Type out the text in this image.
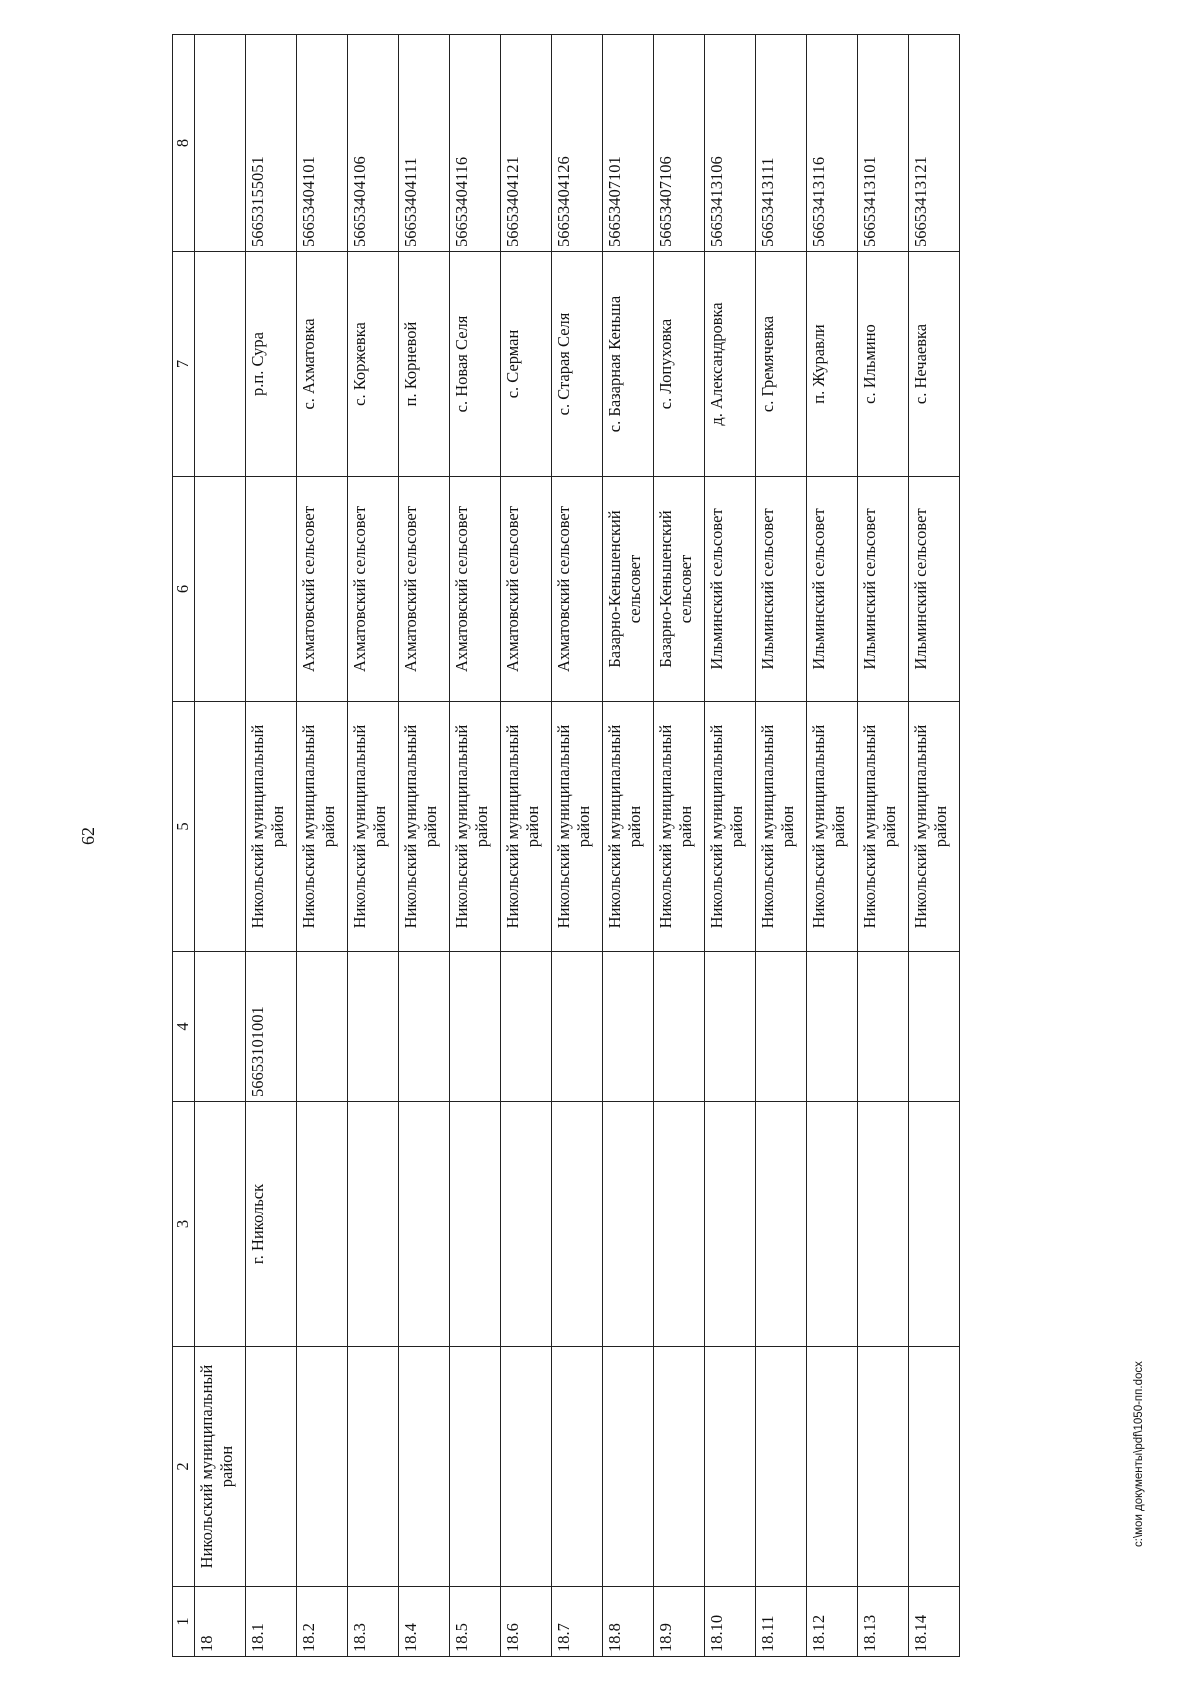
62
1	2	3	4	5	6	7	8
18	Никольский муниципальный район						
18.1		г. Никольск	56653101001	Никольский муниципальный район		р.п. Сура	56653155051
18.2				Никольский муниципальный район	Ахматовский сельсовет	с. Ахматовка	56653404101
18.3				Никольский муниципальный район	Ахматовский сельсовет	с. Коржевка	56653404106
18.4				Никольский муниципальный район	Ахматовский сельсовет	п. Корневой	56653404111
18.5				Никольский муниципальный район	Ахматовский сельсовет	с. Новая Селя	56653404116
18.6				Никольский муниципальный район	Ахматовский сельсовет	с. Серман	56653404121
18.7				Никольский муниципальный район	Ахматовский сельсовет	с. Старая Селя	56653404126
18.8				Никольский муниципальный район	Базарно-Кеньшенский сельсовет	с. Базарная Кеньша	56653407101
18.9				Никольский муниципальный район	Базарно-Кеньшенский сельсовет	с. Лопуховка	56653407106
18.10				Никольский муниципальный район	Ильминский сельсовет	д. Александровка	56653413106
18.11				Никольский муниципальный район	Ильминский сельсовет	с. Гремячевка	56653413111
18.12				Никольский муниципальный район	Ильминский сельсовет	п. Журавли	56653413116
18.13				Никольский муниципальный район	Ильминский сельсовет	с. Ильмино	56653413101
18.14				Никольский муниципальный район	Ильминский сельсовет	с. Нечаевка	56653413121
c:\мои документы\pdf\1050-пп.docx
